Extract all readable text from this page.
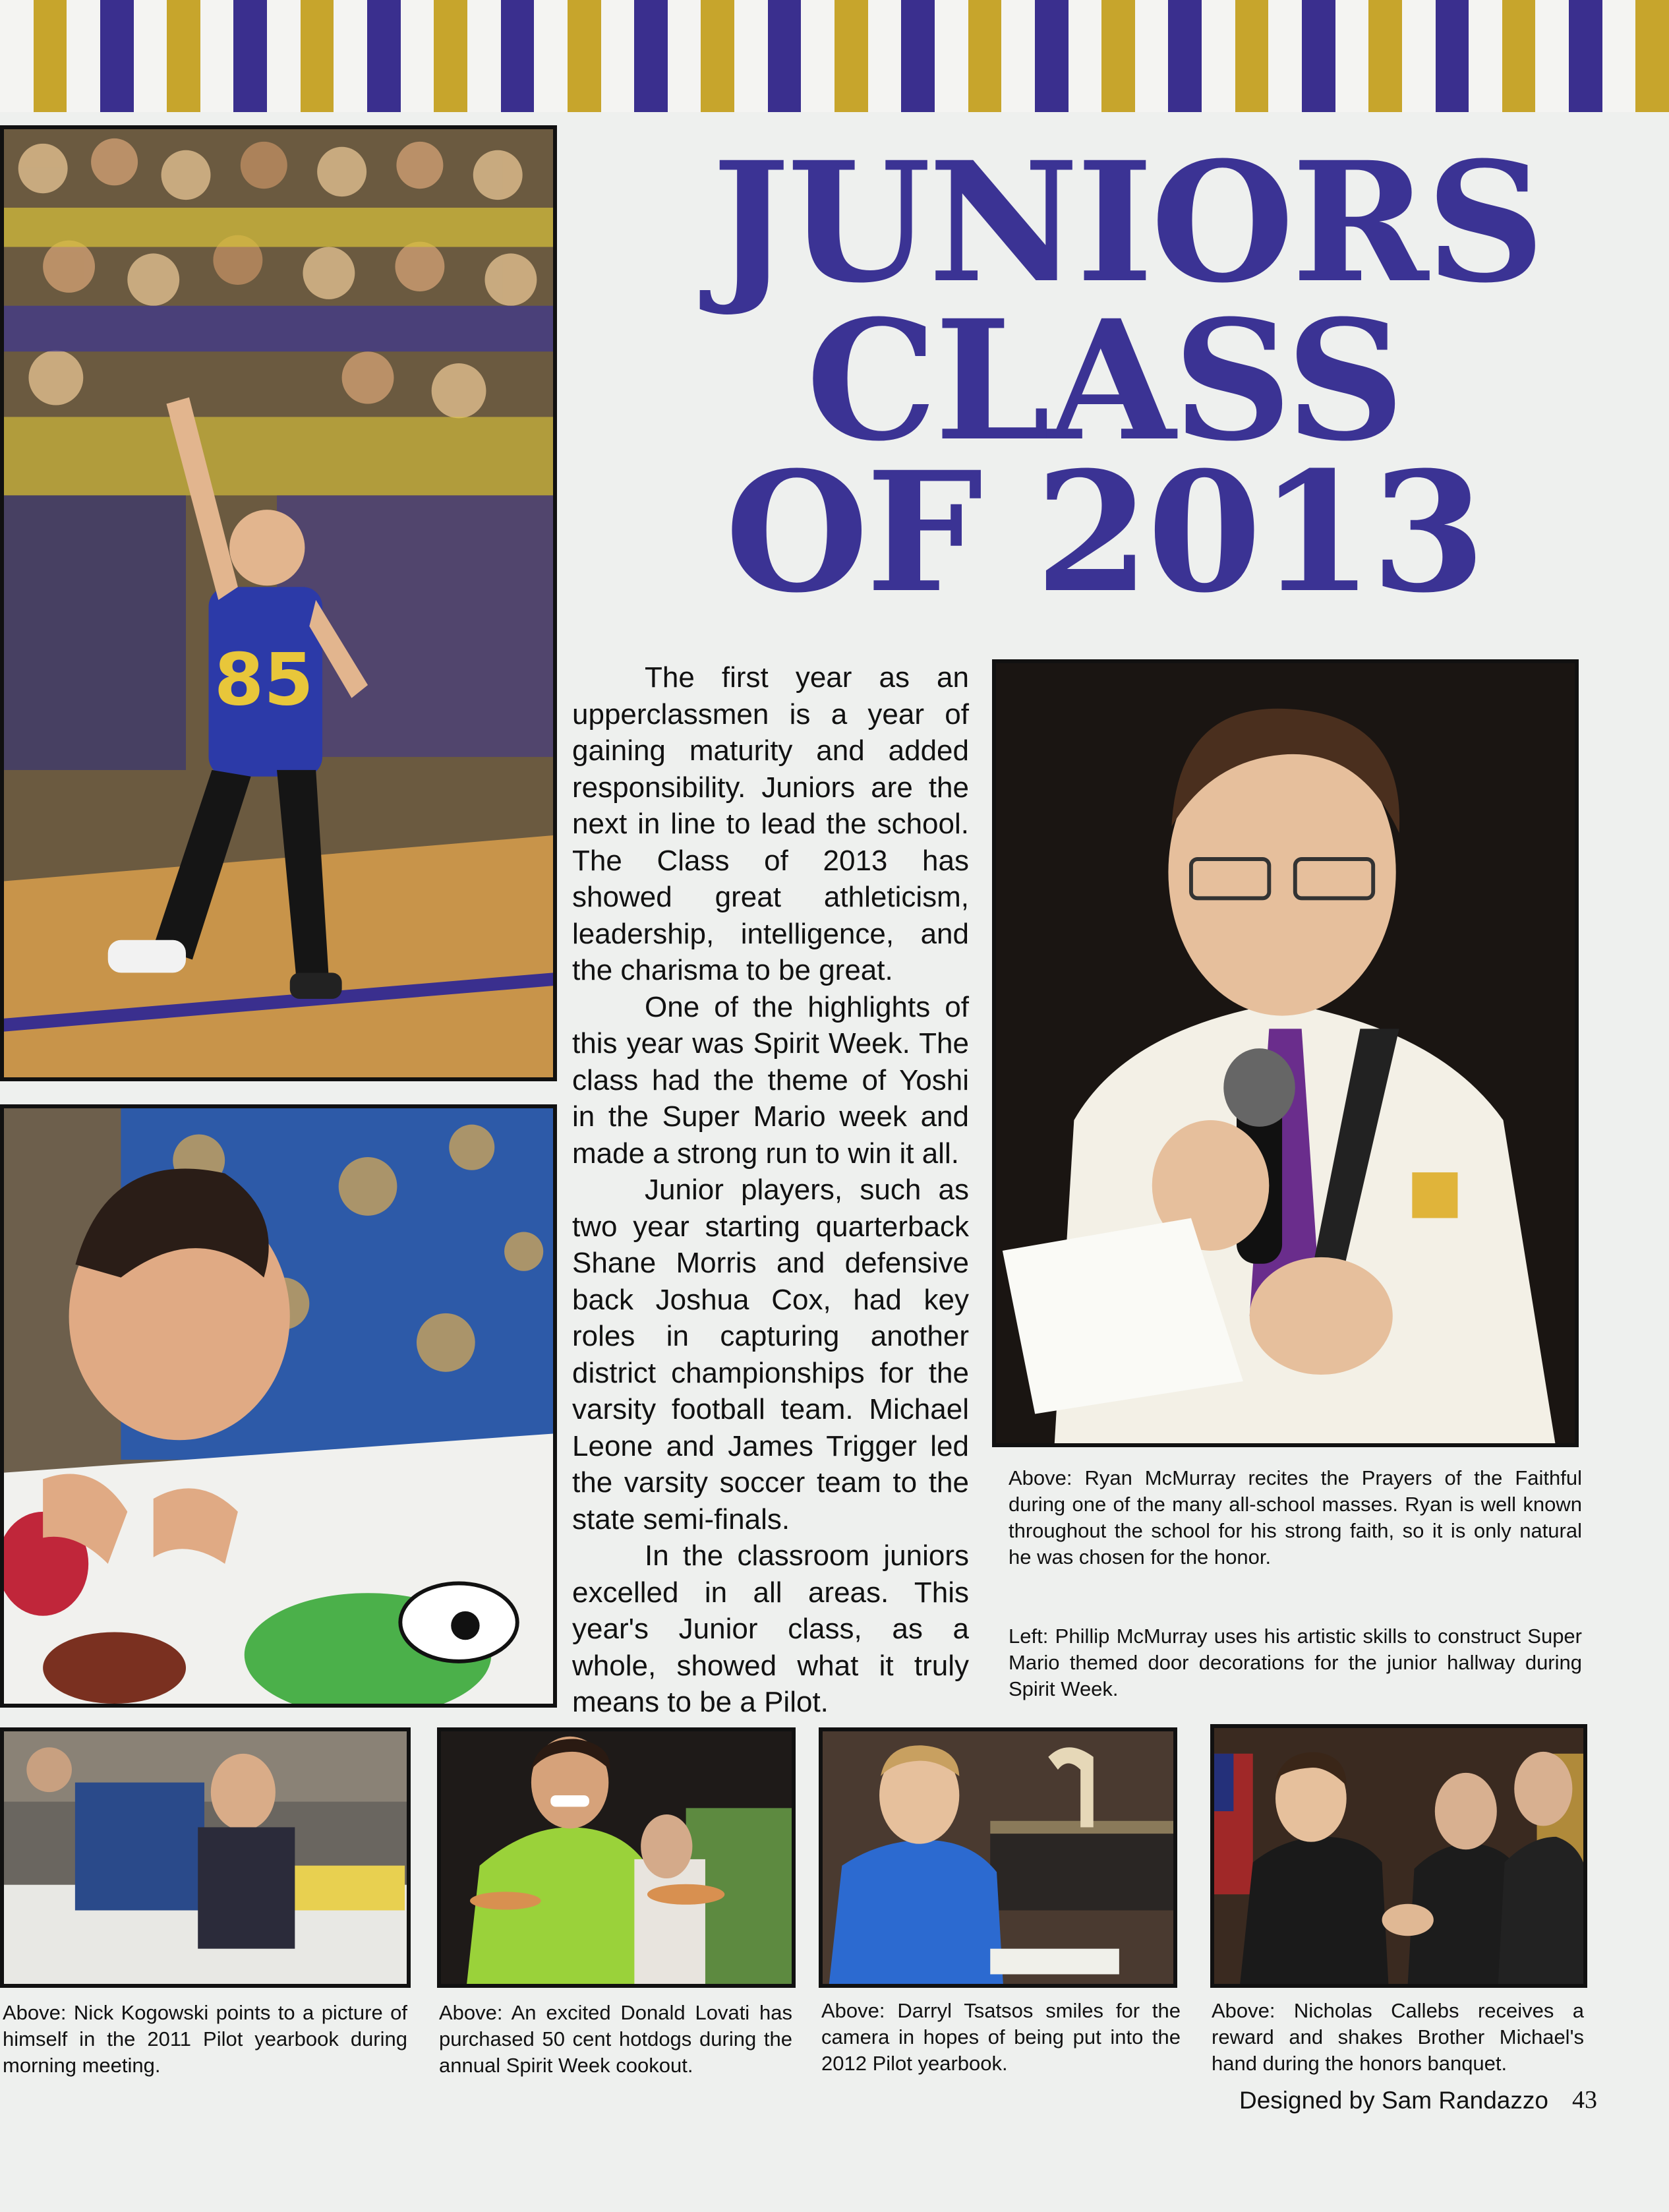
JUNIORS
CLASS
OF 2013
85	The first year as an upperclassmen is a year of gaining maturity and added responsibility. Juniors are the next in line to lead the school. The Class of 2013 has showed great athleticism, leadership, intelligence, and the charisma to be great.

One of the highlights of this year was Spirit Week. The class had the theme of Yoshi in the Super Mario week and made a strong run to win it all.

Junior players, such as two year starting quarterback Shane Morris and defensive back Joshua Cox, had key roles in capturing another district championships for the varsity football team. Michael Leone and James Trigger led the varsity soccer team to the state semi-finals.

In the classroom juniors excelled in all areas. This year's Junior class, as a whole, showed what it truly means to be a Pilot.

Above: Ryan McMurray recites the Prayers of the Faithful during one of the many all-school masses. Ryan is well known throughout the school for his strong faith, so it is only natural he was chosen for the honor.
Left: Phillip McMurray uses his artistic skills to construct Super Mario themed door decorations for the junior hallway during Spirit Week.
Above: Nick Kogowski points to a picture of himself in the 2011 Pilot yearbook during morning meeting.
Above: An excited Donald Lovati has purchased 50 cent hotdogs during the annual Spirit Week cookout.
Above: Darryl Tsatsos smiles for the camera in hopes of being put into the 2012 Pilot yearbook.
Above: Nicholas Callebs receives a reward and shakes Brother Michael's hand during the honors banquet.
Designed by Sam Randazzo 43
